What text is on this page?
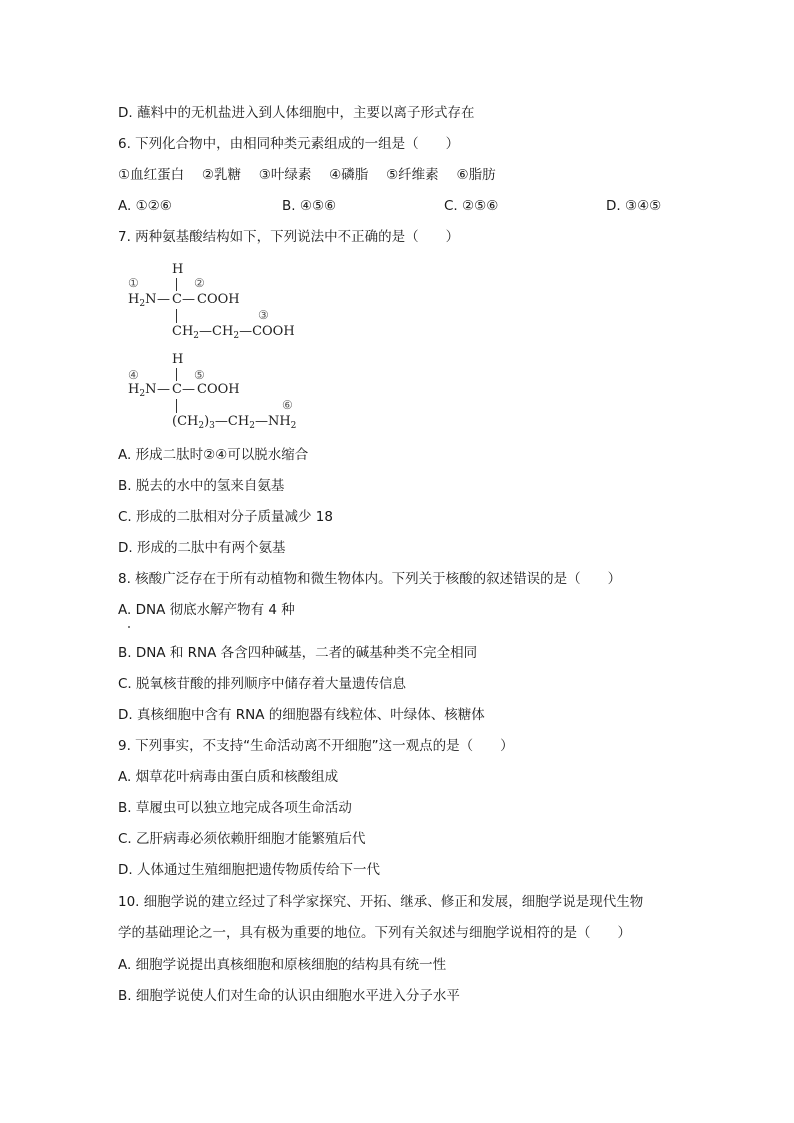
D. 蘸料中的无机盐进入到人体细胞中，主要以离子形式存在
6. 下列化合物中，由相同种类元素组成的一组是（　　）
①血红蛋白　 ②乳糖　 ③叶绿素　 ④磷脂　 ⑤纤维素　 ⑥脂肪
A. ①②⑥	B. ④⑤⑥	C. ②⑤⑥	D. ③④⑤
7. 两种氨基酸结构如下，下列说法中不正确的是（　　）
H
①	②
$H_2N$ — C — COOH
③
$CH_2—CH_2—COOH$
H
④	⑤
$H_2N$ — C — COOH
⑥
$(CH_2)_3—CH_2—NH_2$
A. 形成二肽时②④可以脱水缩合
B. 脱去的水中的氢来自氨基
C. 形成的二肽相对分子质量减少 18
D. 形成的二肽中有两个氨基
8. 核酸广泛存在于所有动植物和微生物体内。下列关于核酸的叙述错误的是（　　）
A. DNA 彻底水解产物有 4 种
B. DNA 和 RNA 各含四种碱基，二者的碱基种类不完全相同
C. 脱氧核苷酸的排列顺序中储存着大量遗传信息
D. 真核细胞中含有 RNA 的细胞器有线粒体、叶绿体、核糖体
9. 下列事实，不支持“生命活动离不开细胞”这一观点的是（　　）
A. 烟草花叶病毒由蛋白质和核酸组成
B. 草履虫可以独立地完成各项生命活动
C. 乙肝病毒必须依赖肝细胞才能繁殖后代
D. 人体通过生殖细胞把遗传物质传给下一代
10. 细胞学说的建立经过了科学家探究、开拓、继承、修正和发展，细胞学说是现代生物
学的基础理论之一，具有极为重要的地位。下列有关叙述与细胞学说相符的是（　　）
A. 细胞学说提出真核细胞和原核细胞的结构具有统一性
B. 细胞学说使人们对生命的认识由细胞水平进入分子水平
